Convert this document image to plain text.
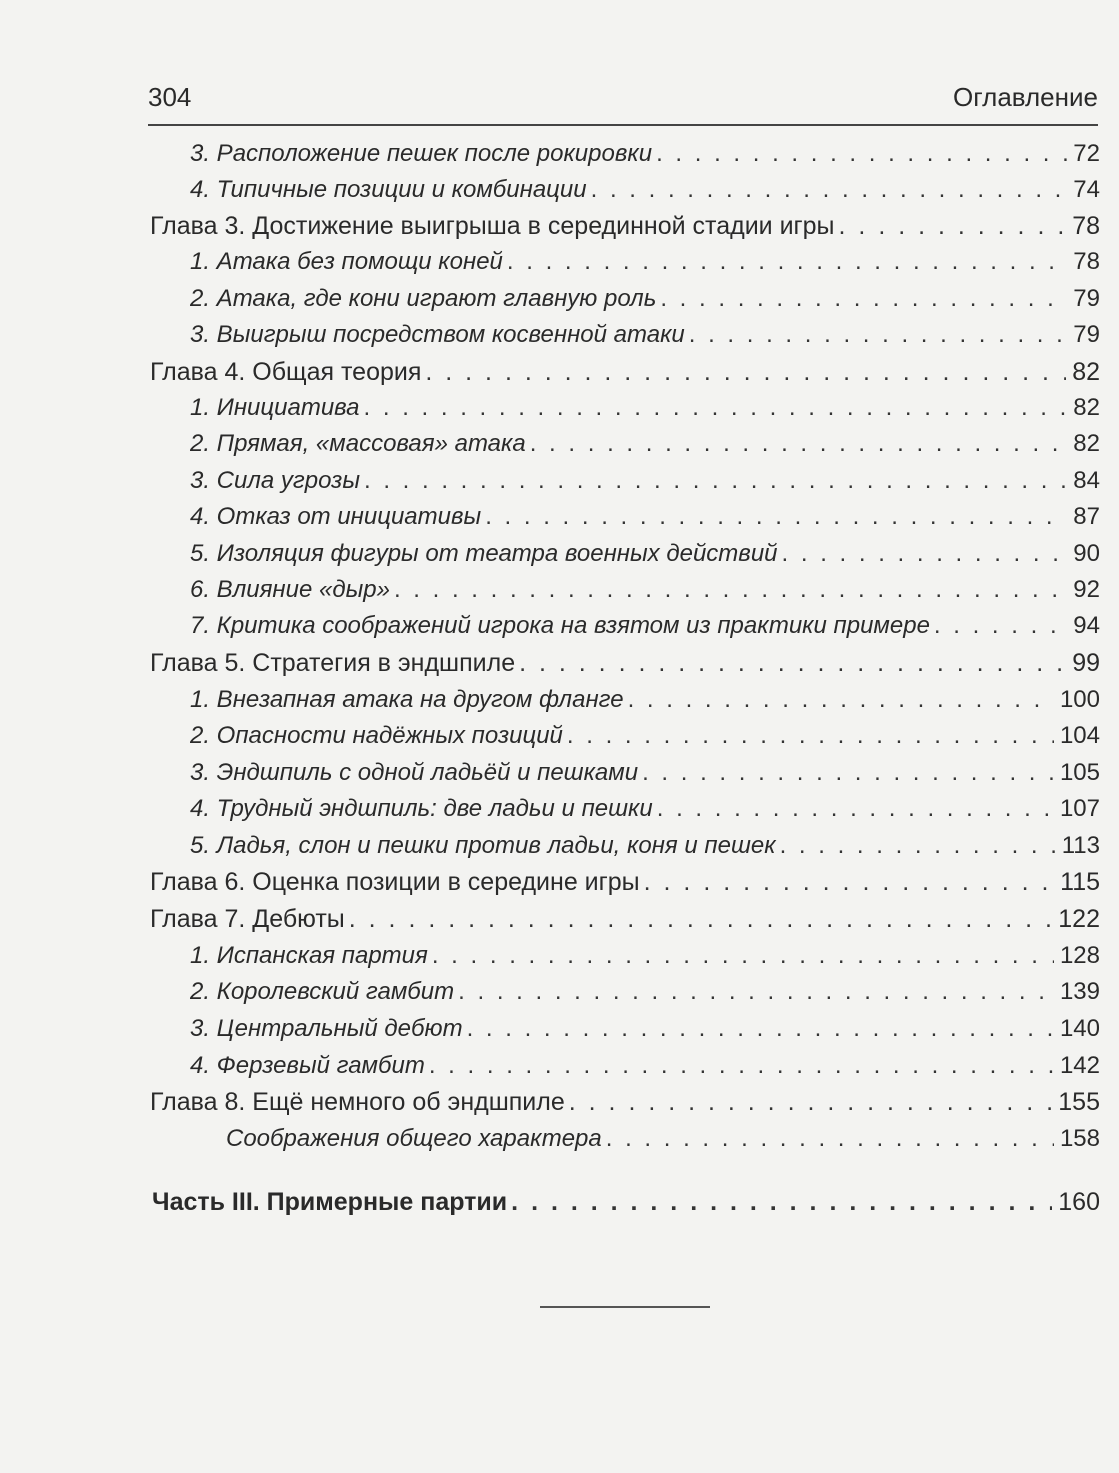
304	Оглавление
3. Расположение пешек после рокировки . . .	72
4. Типичные позиции и комбинации . . .	74
Глава 3. Достижение выигрыша в серединной стадии игры . . .	78
1. Атака без помощи коней . . .	78
2. Атака, где кони играют главную роль . . .	79
3. Выигрыш посредством косвенной атаки . . .	79
Глава 4. Общая теория . . .	82
1. Инициатива . . .	82
2. Прямая, «массовая» атака . . .	82
3. Сила угрозы . . .	84
4. Отказ от инициативы . . .	87
5. Изоляция фигуры от театра военных действий . . .	90
6. Влияние «дыр» . . .	92
7. Критика соображений игрока на взятом из практики примере . . .	94
Глава 5. Стратегия в эндшпиле . . .	99
1. Внезапная атака на другом фланге . . .	100
2. Опасности надёжных позиций . . .	104
3. Эндшпиль с одной ладьёй и пешками . . .	105
4. Трудный эндшпиль: две ладьи и пешки . . .	107
5. Ладья, слон и пешки против ладьи, коня и пешек . . .	113
Глава 6. Оценка позиции в середине игры . . .	115
Глава 7. Дебюты . . .	122
1. Испанская партия . . .	128
2. Королевский гамбит . . .	139
3. Центральный дебют . . .	140
4. Ферзевый гамбит . . .	142
Глава 8. Ещё немного об эндшпиле . . .	155
Соображения общего характера . . .	158
Часть III. Примерные партии . . .	160
